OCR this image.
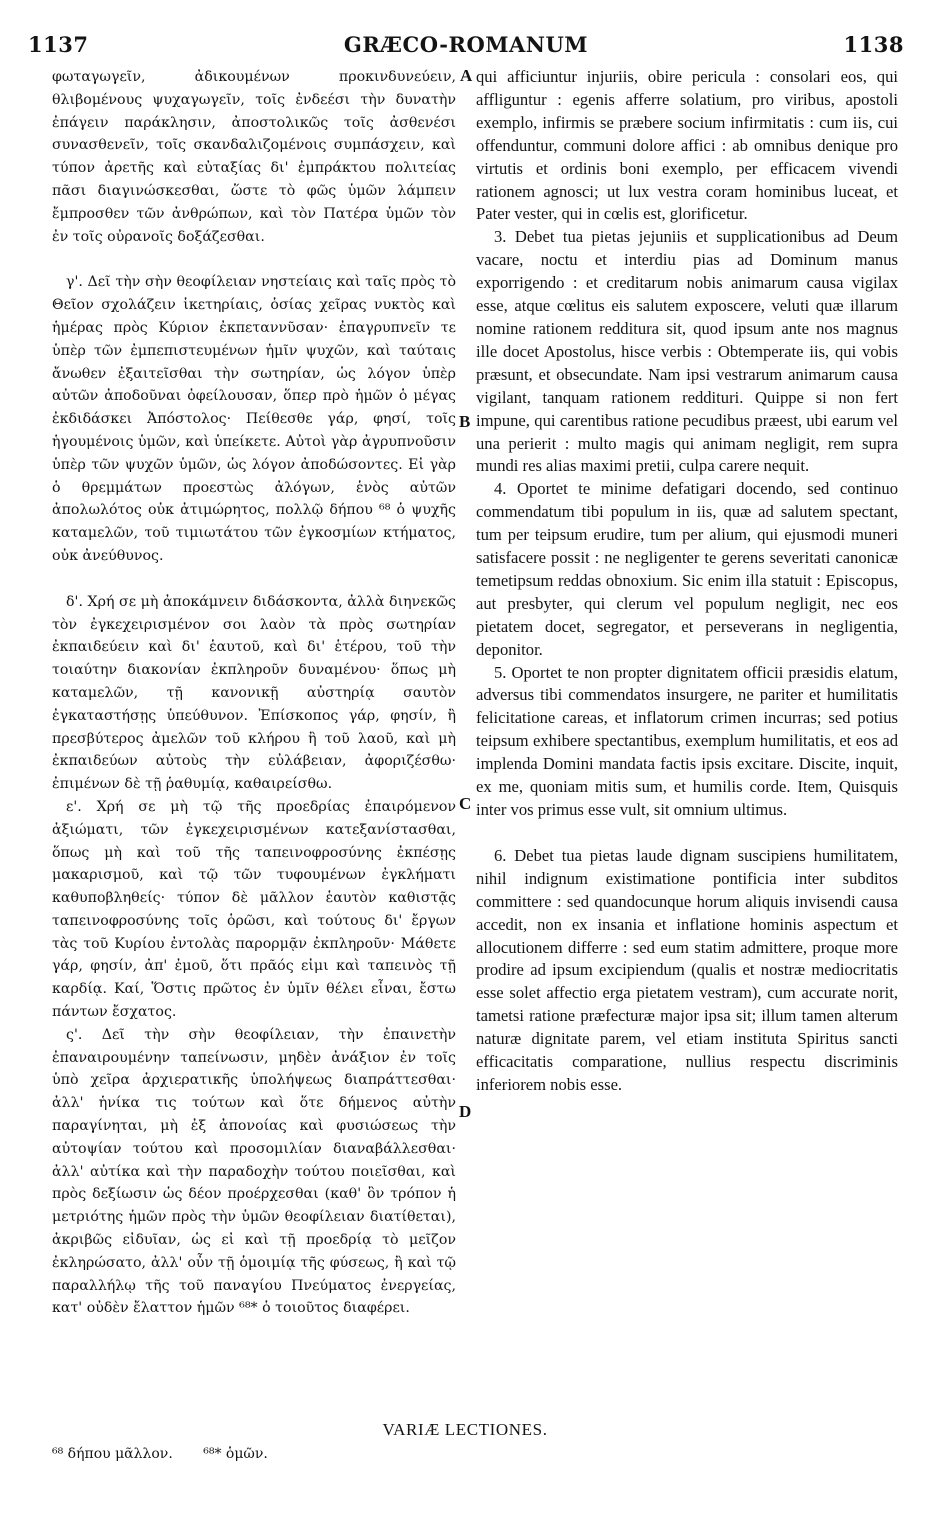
GRÆCO-ROMANUM
1137	1138

φωταγωγεῖν, ἀδικουμένων προκινδυνεύειν, θλιβομένους ψυχαγωγεῖν, τοῖς ἐνδεέσι τὴν δυνατὴν ἐπάγειν παράκλησιν, ἀποστολικῶς τοῖς ἀσθενέσι συνασθενεῖν, τοῖς σκανδαλιζομένοις συμπάσχειν, καὶ τύπον ἀρετῆς καὶ εὐταξίας δι' ἐμπράκτου πολιτείας πᾶσι διαγινώσκεσθαι, ὥστε τὸ φῶς ὑμῶν λάμπειν ἔμπροσθεν τῶν ἀνθρώπων, καὶ τὸν Πατέρα ὑμῶν τὸν ἐν τοῖς οὐρανοῖς δοξάζεσθαι.

γ'. Δεῖ τὴν σὴν θεοφίλειαν νηστείαις καὶ ταῖς πρὸς τὸ Θεῖον σχολάζειν ἱκετηρίαις, ὁσίας χεῖρας νυκτὸς καὶ ἡμέρας πρὸς Κύριον ἐκπεταννῦσαν· ἐπαγρυπνεῖν τε ὑπὲρ τῶν ἐμπεπιστευμένων ἡμῖν ψυχῶν, καὶ ταύταις ἄνωθεν ἐξαιτεῖσθαι τὴν σωτηρίαν, ὡς λόγον ὑπὲρ αὐτῶν ἀποδοῦναι ὀφείλουσαν, ὅπερ πρὸ ἡμῶν ὁ μέγας ἐκδιδάσκει Ἀπόστολος· Πείθεσθε γάρ, φησί, τοῖς ἡγουμένοις ὑμῶν, καὶ ὑπείκετε. Αὐτοὶ γὰρ ἀγρυπνοῦσιν ὑπὲρ τῶν ψυχῶν ὑμῶν, ὡς λόγον ἀποδώσοντες. Εἰ γὰρ ὁ θρεμμάτων προεστὼς ἀλόγων, ἑνὸς αὐτῶν ἀπολωλότος οὐκ ἀτιμώρητος, πολλῷ δήπου ⁶⁸ ὁ ψυχῆς καταμελῶν, τοῦ τιμιωτάτου τῶν ἐγκοσμίων κτήματος, οὐκ ἀνεύθυνος.

δ'. Χρή σε μὴ ἀποκάμνειν διδάσκοντα, ἀλλὰ διηνεκῶς τὸν ἐγκεχειρισμένον σοι λαὸν τὰ πρὸς σωτηρίαν ἐκπαιδεύειν καὶ δι' ἑαυτοῦ, καὶ δι' ἑτέρου, τοῦ τὴν τοιαύτην διακονίαν ἐκπληροῦν δυναμένου· ὅπως μὴ καταμελῶν, τῇ κανονικῇ αὐστηρίᾳ σαυτὸν ἐγκαταστήσῃς ὑπεύθυνον. Ἐπίσκοπος γάρ, φησίν, ἢ πρεσβύτερος ἀμελῶν τοῦ κλήρου ἢ τοῦ λαοῦ, καὶ μὴ ἐκπαιδεύων αὐτοὺς τὴν εὐλάβειαν, ἀφοριζέσθω· ἐπιμένων δὲ τῇ ῥαθυμίᾳ, καθαιρείσθω.

ε'. Χρή σε μὴ τῷ τῆς προεδρίας ἐπαιρόμενον ἀξιώματι, τῶν ἐγκεχειρισμένων κατεξανίστασθαι, ὅπως μὴ καὶ τοῦ τῆς ταπεινοφροσύνης ἐκπέσῃς μακαρισμοῦ, καὶ τῷ τῶν τυφουμένων ἐγκλήματι καθυποβληθείς· τύπον δὲ μᾶλλον ἑαυτὸν καθιστᾷς ταπεινοφροσύνης τοῖς ὁρῶσι, καὶ τούτους δι' ἔργων τὰς τοῦ Κυρίου ἐντολὰς παρορμᾷν ἐκπληροῦν· Μάθετε γάρ, φησίν, ἀπ' ἐμοῦ, ὅτι πρᾶός εἰμι καὶ ταπεινὸς τῇ καρδίᾳ. Καί, Ὅστις πρῶτος ἐν ὑμῖν θέλει εἶναι, ἔστω πάντων ἔσχατος.

ς'. Δεῖ τὴν σὴν θεοφίλειαν, τὴν ἐπαινετὴν ἐπαναιρουμένην ταπείνωσιν, μηδὲν ἀνάξιον ἐν τοῖς ὑπὸ χεῖρα ἀρχιερατικῆς ὑπολήψεως διαπράττεσθαι· ἀλλ' ἡνίκα τις τούτων καὶ ὅτε δήμενος αὐτὴν παραγίνηται, μὴ ἐξ ἀπονοίας καὶ φυσιώσεως τὴν αὐτοψίαν τούτου καὶ προσομιλίαν διαναβάλλεσθαι· ἀλλ' αὐτίκα καὶ τὴν παραδοχὴν τούτου ποιεῖσθαι, καὶ πρὸς δεξίωσιν ὡς δέον προέρχεσθαι (καθ' ὃν τρόπον ἡ μετριότης ἡμῶν πρὸς τὴν ὑμῶν θεοφίλειαν διατίθεται), ἀκριβῶς εἰδυῖαν, ὡς εἰ καὶ τῇ προεδρίᾳ τὸ μεῖζον ἐκληρώσατο, ἀλλ' οὖν τῇ ὁμοιμίᾳ τῆς φύσεως, ἢ καὶ τῷ παραλλήλῳ τῆς τοῦ παναγίου Πνεύματος ἐνεργείας, κατ' οὐδὲν ἔλαττον ἡμῶν ⁶⁸* ὁ τοιοῦτος διαφέρει.

A
B
C
D

qui afficiuntur injuriis, obire pericula : consolari eos, qui affliguntur : egenis afferre solatium, pro viribus, apostoli exemplo, infirmis se præbere socium infirmitatis : cum iis, cui offenduntur, communi dolore affici : ab omnibus denique pro virtutis et ordinis boni exemplo, per efficacem vivendi rationem agnosci; ut lux vestra coram hominibus luceat, et Pater vester, qui in cœlis est, glorificetur.

3. Debet tua pietas jejuniis et supplicationibus ad Deum vacare, noctu et interdiu pias ad Dominum manus exporrigendo : et creditarum nobis animarum causa vigilax esse, atque cœlitus eis salutem exposcere, veluti quæ illarum nomine rationem redditura sit, quod ipsum ante nos magnus ille docet Apostolus, hisce verbis : Obtemperate iis, qui vobis præsunt, et obsecundate. Nam ipsi vestrarum animarum causa vigilant, tanquam rationem reddituri. Quippe si non fert impune, qui carentibus ratione pecudibus præest, ubi earum vel una perierit : multo magis qui animam negligit, rem supra mundi res alias maximi pretii, culpa carere nequit.

4. Oportet te minime defatigari docendo, sed continuo commendatum tibi populum in iis, quæ ad salutem spectant, tum per teipsum erudire, tum per alium, qui ejusmodi muneri satisfacere possit : ne negligenter te gerens severitati canonicæ temetipsum reddas obnoxium. Sic enim illa statuit : Episcopus, aut presbyter, qui clerum vel populum negligit, nec eos pietatem docet, segregator, et perseverans in negligentia, deponitor.

5. Oportet te non propter dignitatem officii præsidis elatum, adversus tibi commendatos insurgere, ne pariter et humilitatis felicitatione careas, et inflatorum crimen incurras; sed potius teipsum exhibere spectantibus, exemplum humilitatis, et eos ad implenda Domini mandata factis ipsis excitare. Discite, inquit, ex me, quoniam mitis sum, et humilis corde. Item, Quisquis inter vos primus esse vult, sit omnium ultimus.

6. Debet tua pietas laude dignam suscipiens humilitatem, nihil indignum existimatione pontificia inter subditos committere : sed quandocunque horum aliquis invisendi causa accedit, non ex insania et inflatione hominis aspectum et allocutionem differre : sed eum statim admittere, proque more prodire ad ipsum excipiendum (qualis et nostræ mediocritatis esse solet affectio erga pietatem vestram), cum accurate norit, tametsi ratione præfecturæ major ipsa sit; illum tamen alterum naturæ dignitate parem, vel etiam instituta Spiritus sancti efficacitatis comparatione, nullius respectu discriminis inferiorem nobis esse.

VARIÆ LECTIONES.
⁶⁸ δήπου μᾶλλον. ⁶⁸* ὁμῶν.
